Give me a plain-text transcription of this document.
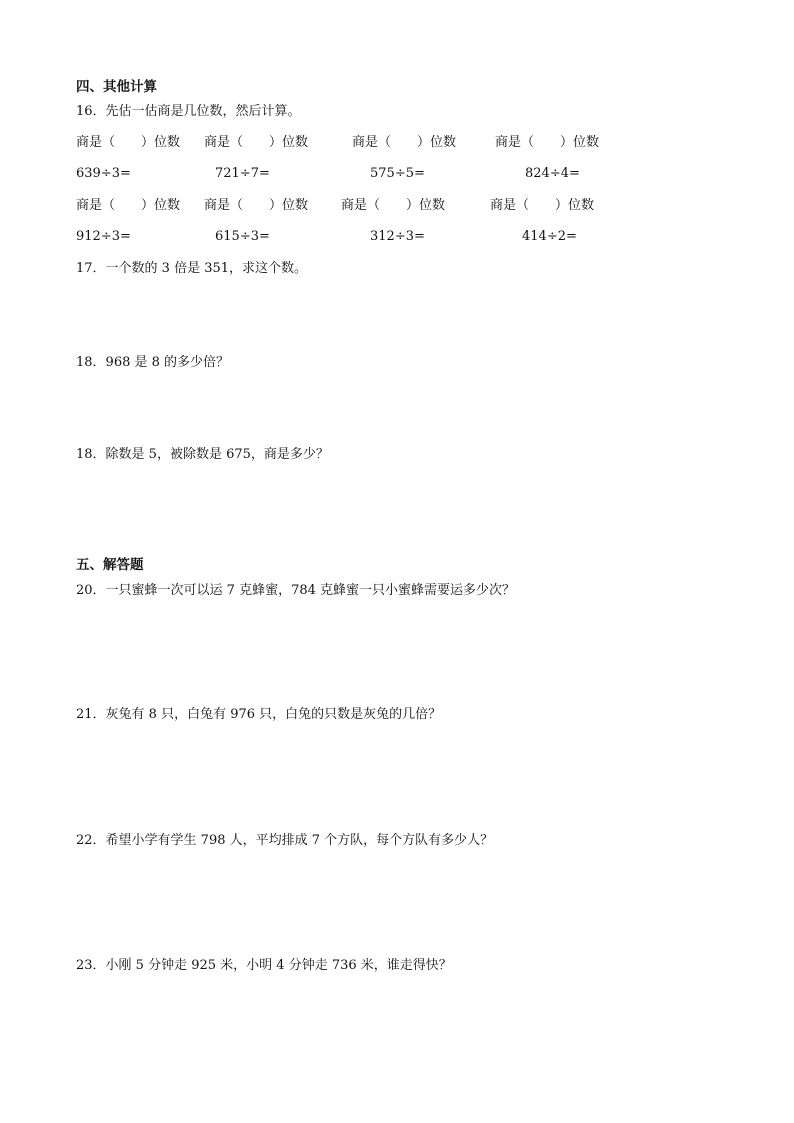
四、其他计算
16．先估一估商是几位数，然后计算。
商是（　　）位数 商是（　　）位数	商是（　　）位数	商是（　　）位数
639÷3=	721÷7=	575÷5=	824÷4=
商是（　　）位数 商是（　　）位数	商是（　　）位数	商是（　　）位数
912÷3=	615÷3=	312÷3=	414÷2=
17．一个数的 3 倍是 351，求这个数。
18．968 是 8 的多少倍？
18．除数是 5，被除数是 675，商是多少？
五、解答题
20．一只蜜蜂一次可以运 7 克蜂蜜，784 克蜂蜜一只小蜜蜂需要运多少次？
21．灰兔有 8 只，白兔有 976 只，白兔的只数是灰兔的几倍？
22．希望小学有学生 798 人，平均排成 7 个方队，每个方队有多少人？
23．小刚 5 分钟走 925 米，小明 4 分钟走 736 米，谁走得快？
